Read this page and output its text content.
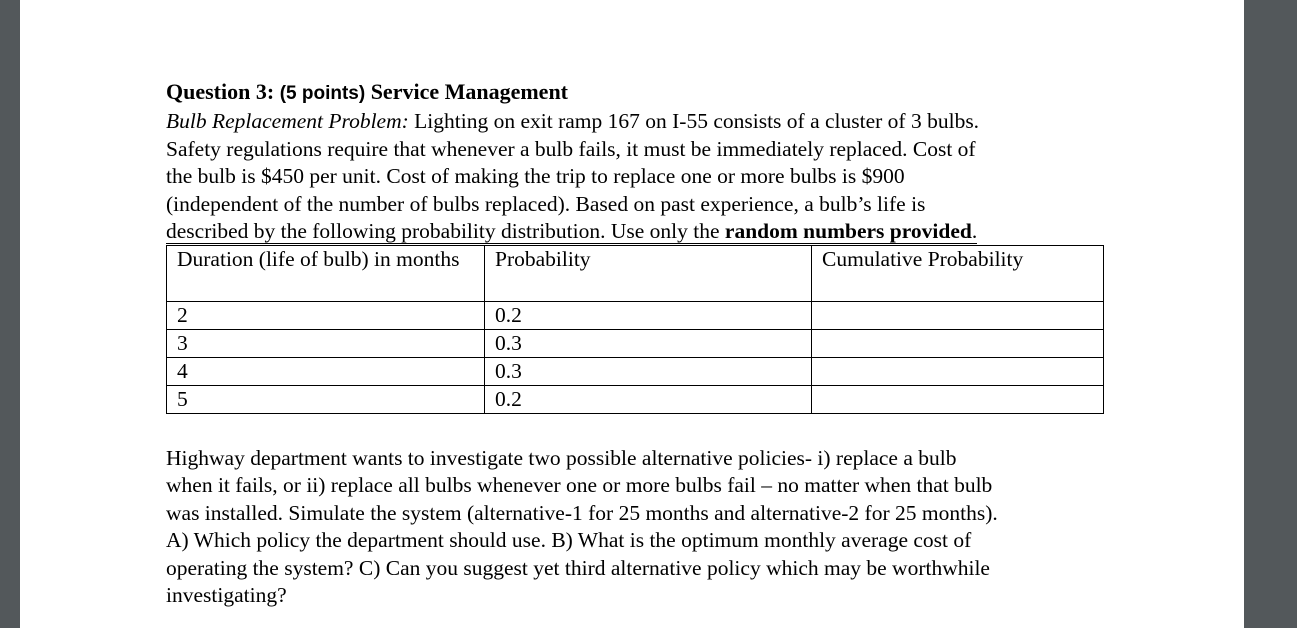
Question 3: (5 points) Service Management

Bulb Replacement Problem: Lighting on exit ramp 167 on I-55 consists of a cluster of 3 bulbs.
Safety regulations require that whenever a bulb fails, it must be immediately replaced. Cost of
the bulb is $450 per unit. Cost of making the trip to replace one or more bulbs is $900
(independent of the number of bulbs replaced). Based on past experience, a bulb’s life is
described by the following probability distribution. Use only the random numbers provided.

Duration (life of bulb) in months	Probability	Cumulative Probability
2	0.2	
3	0.3	
4	0.3	
5	0.2	

Highway department wants to investigate two possible alternative policies- i) replace a bulb
when it fails, or ii) replace all bulbs whenever one or more bulbs fail – no matter when that bulb
was installed. Simulate the system (alternative-1 for 25 months and alternative-2 for 25 months).
A) Which policy the department should use. B) What is the optimum monthly average cost of
operating the system? C) Can you suggest yet third alternative policy which may be worthwhile
investigating?
